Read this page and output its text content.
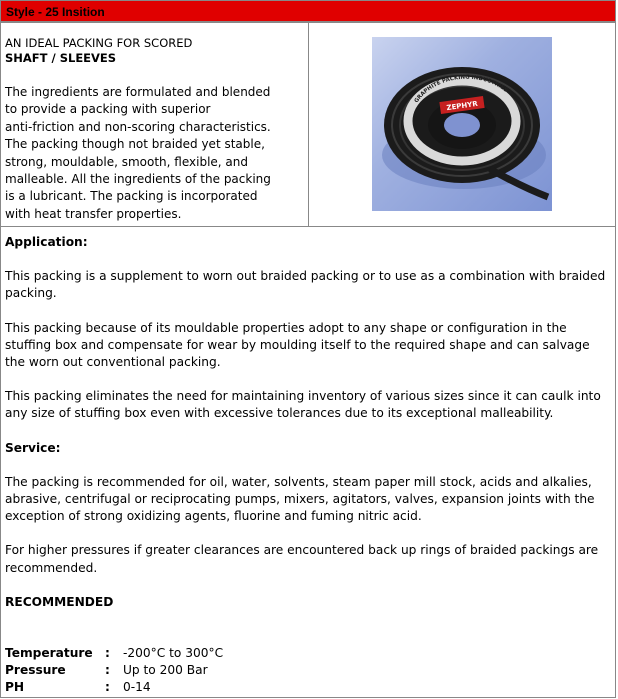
Style - 25 Insition
AN IDEAL PACKING FOR SCORED
SHAFT / SLEEVES
The ingredients are formulated and blended
to provide a packing with superior
anti-friction and non-scoring characteristics.
The packing though not braided yet stable,
strong, mouldable, smooth, flexible, and
malleable. All the ingredients of the packing
is a lubricant. The packing is incorporated
with heat transfer properties.
ZEPHYR
GRAPHITE PACKING INDUSTRIES

Application:

This packing is a supplement to worn out braided packing or to use as a combination with braided packing.

This packing because of its mouldable properties adopt to any shape or configuration in the stuffing box and compensate for wear by moulding itself to the required shape and can salvage the worn out conventional packing.

This packing eliminates the need for maintaining inventory of various sizes since it can caulk into any size of stuffing box even with excessive tolerances due to its exceptional malleability.

Service:

The packing is recommended for oil, water, solvents, steam paper mill stock, acids and alkalies, abrasive, centrifugal or reciprocating pumps, mixers, agitators, valves, expansion joints with the exception of strong oxidizing agents, fluorine and fuming nitric acid.

For higher pressures if greater clearances are encountered back up rings of braided packings are recommended.

RECOMMENDED

Temperature : -200°C to 300°C
Pressure	: Up to 200 Bar
PH	: 0-14
